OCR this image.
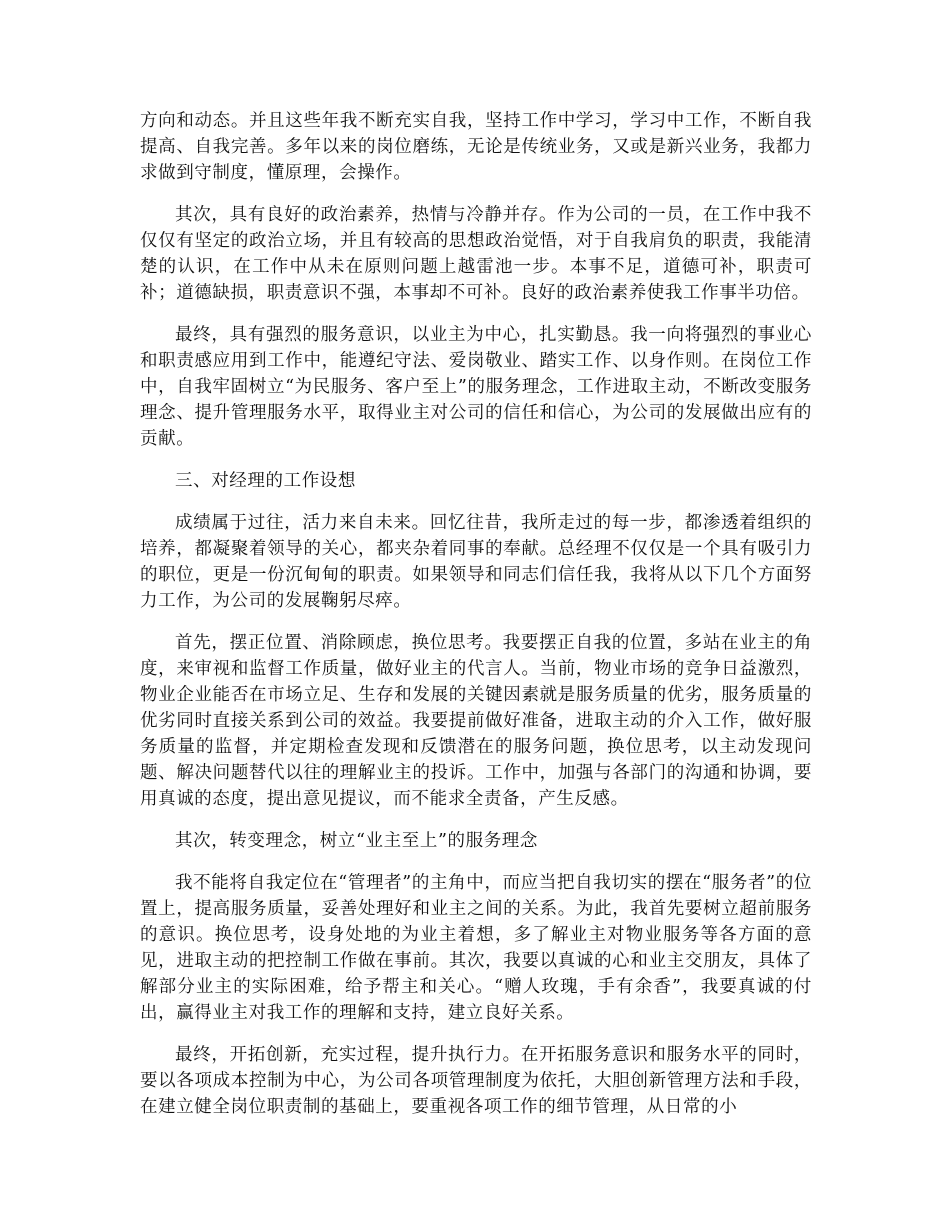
方向和动态。并且这些年我不断充实自我，坚持工作中学习，学习中工作，不断自我提高、自我完善。多年以来的岗位磨练，无论是传统业务，又或是新兴业务，我都力求做到守制度，懂原理，会操作。

其次，具有良好的政治素养，热情与冷静并存。作为公司的一员，在工作中我不仅仅有坚定的政治立场，并且有较高的思想政治觉悟，对于自我肩负的职责，我能清楚的认识，在工作中从未在原则问题上越雷池一步。本事不足，道德可补，职责可补；道德缺损，职责意识不强，本事却不可补。良好的政治素养使我工作事半功倍。

最终，具有强烈的服务意识，以业主为中心，扎实勤恳。我一向将强烈的事业心和职责感应用到工作中，能遵纪守法、爱岗敬业、踏实工作、以身作则。在岗位工作中，自我牢固树立“为民服务、客户至上”的服务理念，工作进取主动，不断改变服务理念、提升管理服务水平，取得业主对公司的信任和信心，为公司的发展做出应有的贡献。

三、对经理的工作设想

成绩属于过往，活力来自未来。回忆往昔，我所走过的每一步，都渗透着组织的培养，都凝聚着领导的关心，都夹杂着同事的奉献。总经理不仅仅是一个具有吸引力的职位，更是一份沉甸甸的职责。如果领导和同志们信任我，我将从以下几个方面努力工作，为公司的发展鞠躬尽瘁。

首先，摆正位置、消除顾虑，换位思考。我要摆正自我的位置，多站在业主的角度，来审视和监督工作质量，做好业主的代言人。当前，物业市场的竞争日益激烈，物业企业能否在市场立足、生存和发展的关键因素就是服务质量的优劣，服务质量的优劣同时直接关系到公司的效益。我要提前做好准备，进取主动的介入工作，做好服务质量的监督，并定期检查发现和反馈潜在的服务问题，换位思考，以主动发现问题、解决问题替代以往的理解业主的投诉。工作中，加强与各部门的沟通和协调，要用真诚的态度，提出意见提议，而不能求全责备，产生反感。

其次，转变理念，树立“业主至上”的服务理念

我不能将自我定位在“管理者”的主角中，而应当把自我切实的摆在“服务者”的位置上，提高服务质量，妥善处理好和业主之间的关系。为此，我首先要树立超前服务的意识。换位思考，设身处地的为业主着想，多了解业主对物业服务等各方面的意见，进取主动的把控制工作做在事前。其次，我要以真诚的心和业主交朋友，具体了解部分业主的实际困难，给予帮主和关心。“赠人玫瑰，手有余香”，我要真诚的付出，赢得业主对我工作的理解和支持，建立良好关系。

最终，开拓创新，充实过程，提升执行力。在开拓服务意识和服务水平的同时，要以各项成本控制为中心，为公司各项管理制度为依托，大胆创新管理方法和手段，在建立健全岗位职责制的基础上，要重视各项工作的细节管理，从日常的小
